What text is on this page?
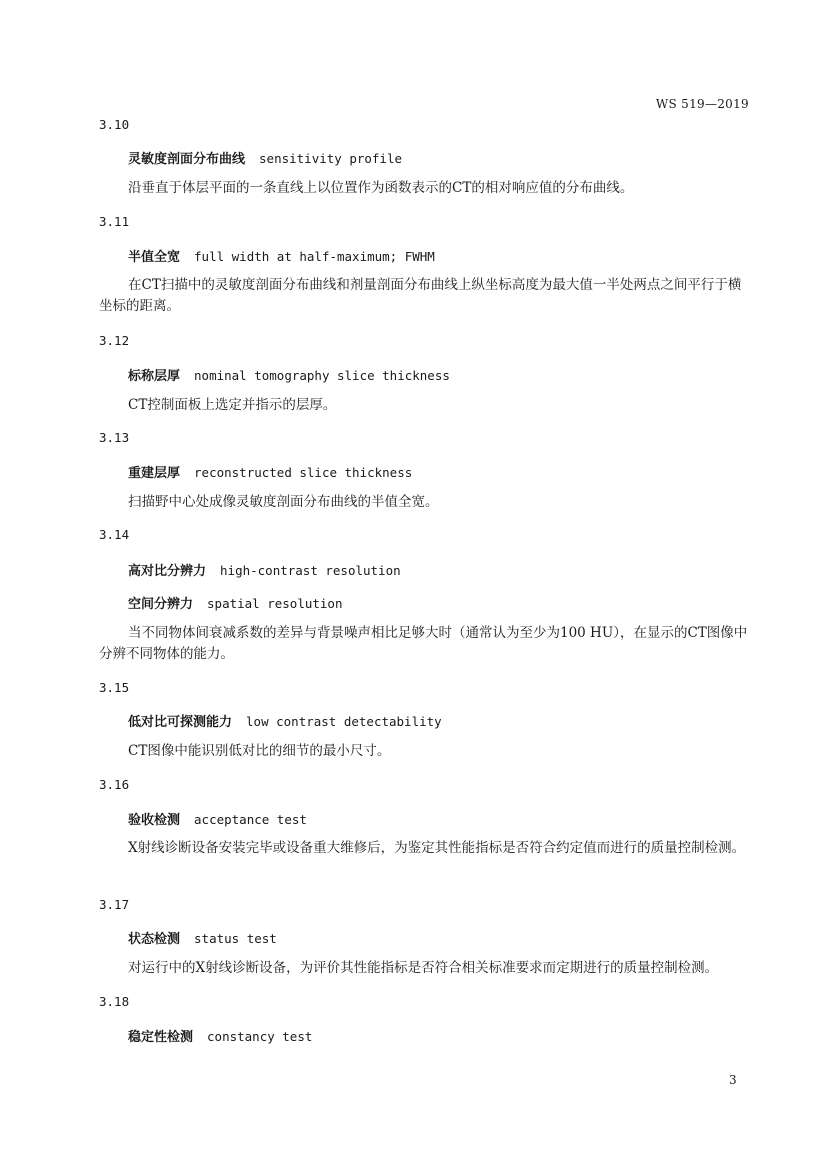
WS 519—2019
3.10
灵敏度剖面分布曲线 sensitivity profile
沿垂直于体层平面的一条直线上以位置作为函数表示的CT的相对响应值的分布曲线。
3.11
半值全宽 full width at half-maximum; FWHM
在CT扫描中的灵敏度剖面分布曲线和剂量剖面分布曲线上纵坐标高度为最大值一半处两点之间平行于横坐标的距离。
3.12
标称层厚 nominal tomography slice thickness
CT控制面板上选定并指示的层厚。
3.13
重建层厚 reconstructed slice thickness
扫描野中心处成像灵敏度剖面分布曲线的半值全宽。
3.14
高对比分辨力 high-contrast resolution
空间分辨力 spatial resolution
当不同物体间衰减系数的差异与背景噪声相比足够大时（通常认为至少为100 HU），在显示的CT图像中分辨不同物体的能力。
3.15
低对比可探测能力 low contrast detectability
CT图像中能识别低对比的细节的最小尺寸。
3.16
验收检测 acceptance test
X射线诊断设备安装完毕或设备重大维修后，为鉴定其性能指标是否符合约定值而进行的质量控制检测。
3.17
状态检测 status test
对运行中的X射线诊断设备，为评价其性能指标是否符合相关标准要求而定期进行的质量控制检测。
3.18
稳定性检测 constancy test
3
